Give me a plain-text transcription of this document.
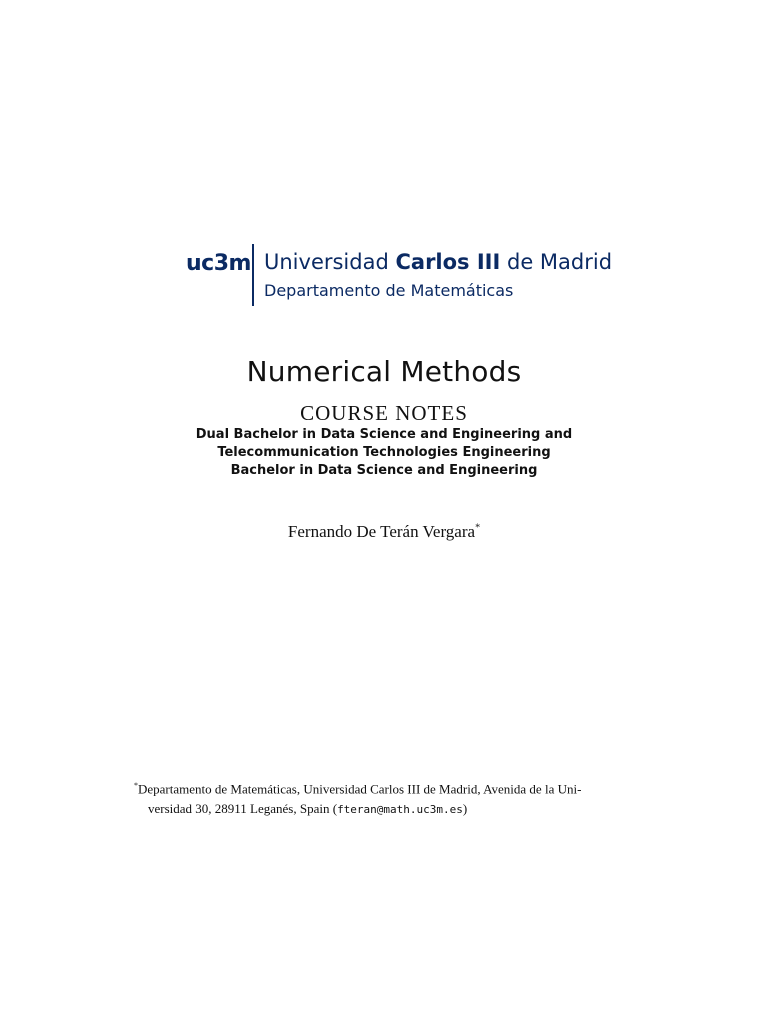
uc3m Universidad Carlos III de Madrid
Departamento de Matemáticas
Numerical Methods
COURSE NOTES
Dual Bachelor in Data Science and Engineering and
Telecommunication Technologies Engineering
Bachelor in Data Science and Engineering
Fernando De Terán Vergara*
*Departamento de Matemáticas, Universidad Carlos III de Madrid, Avenida de la Uni-
versidad 30, 28911 Leganés, Spain (fteran@math.uc3m.es)
